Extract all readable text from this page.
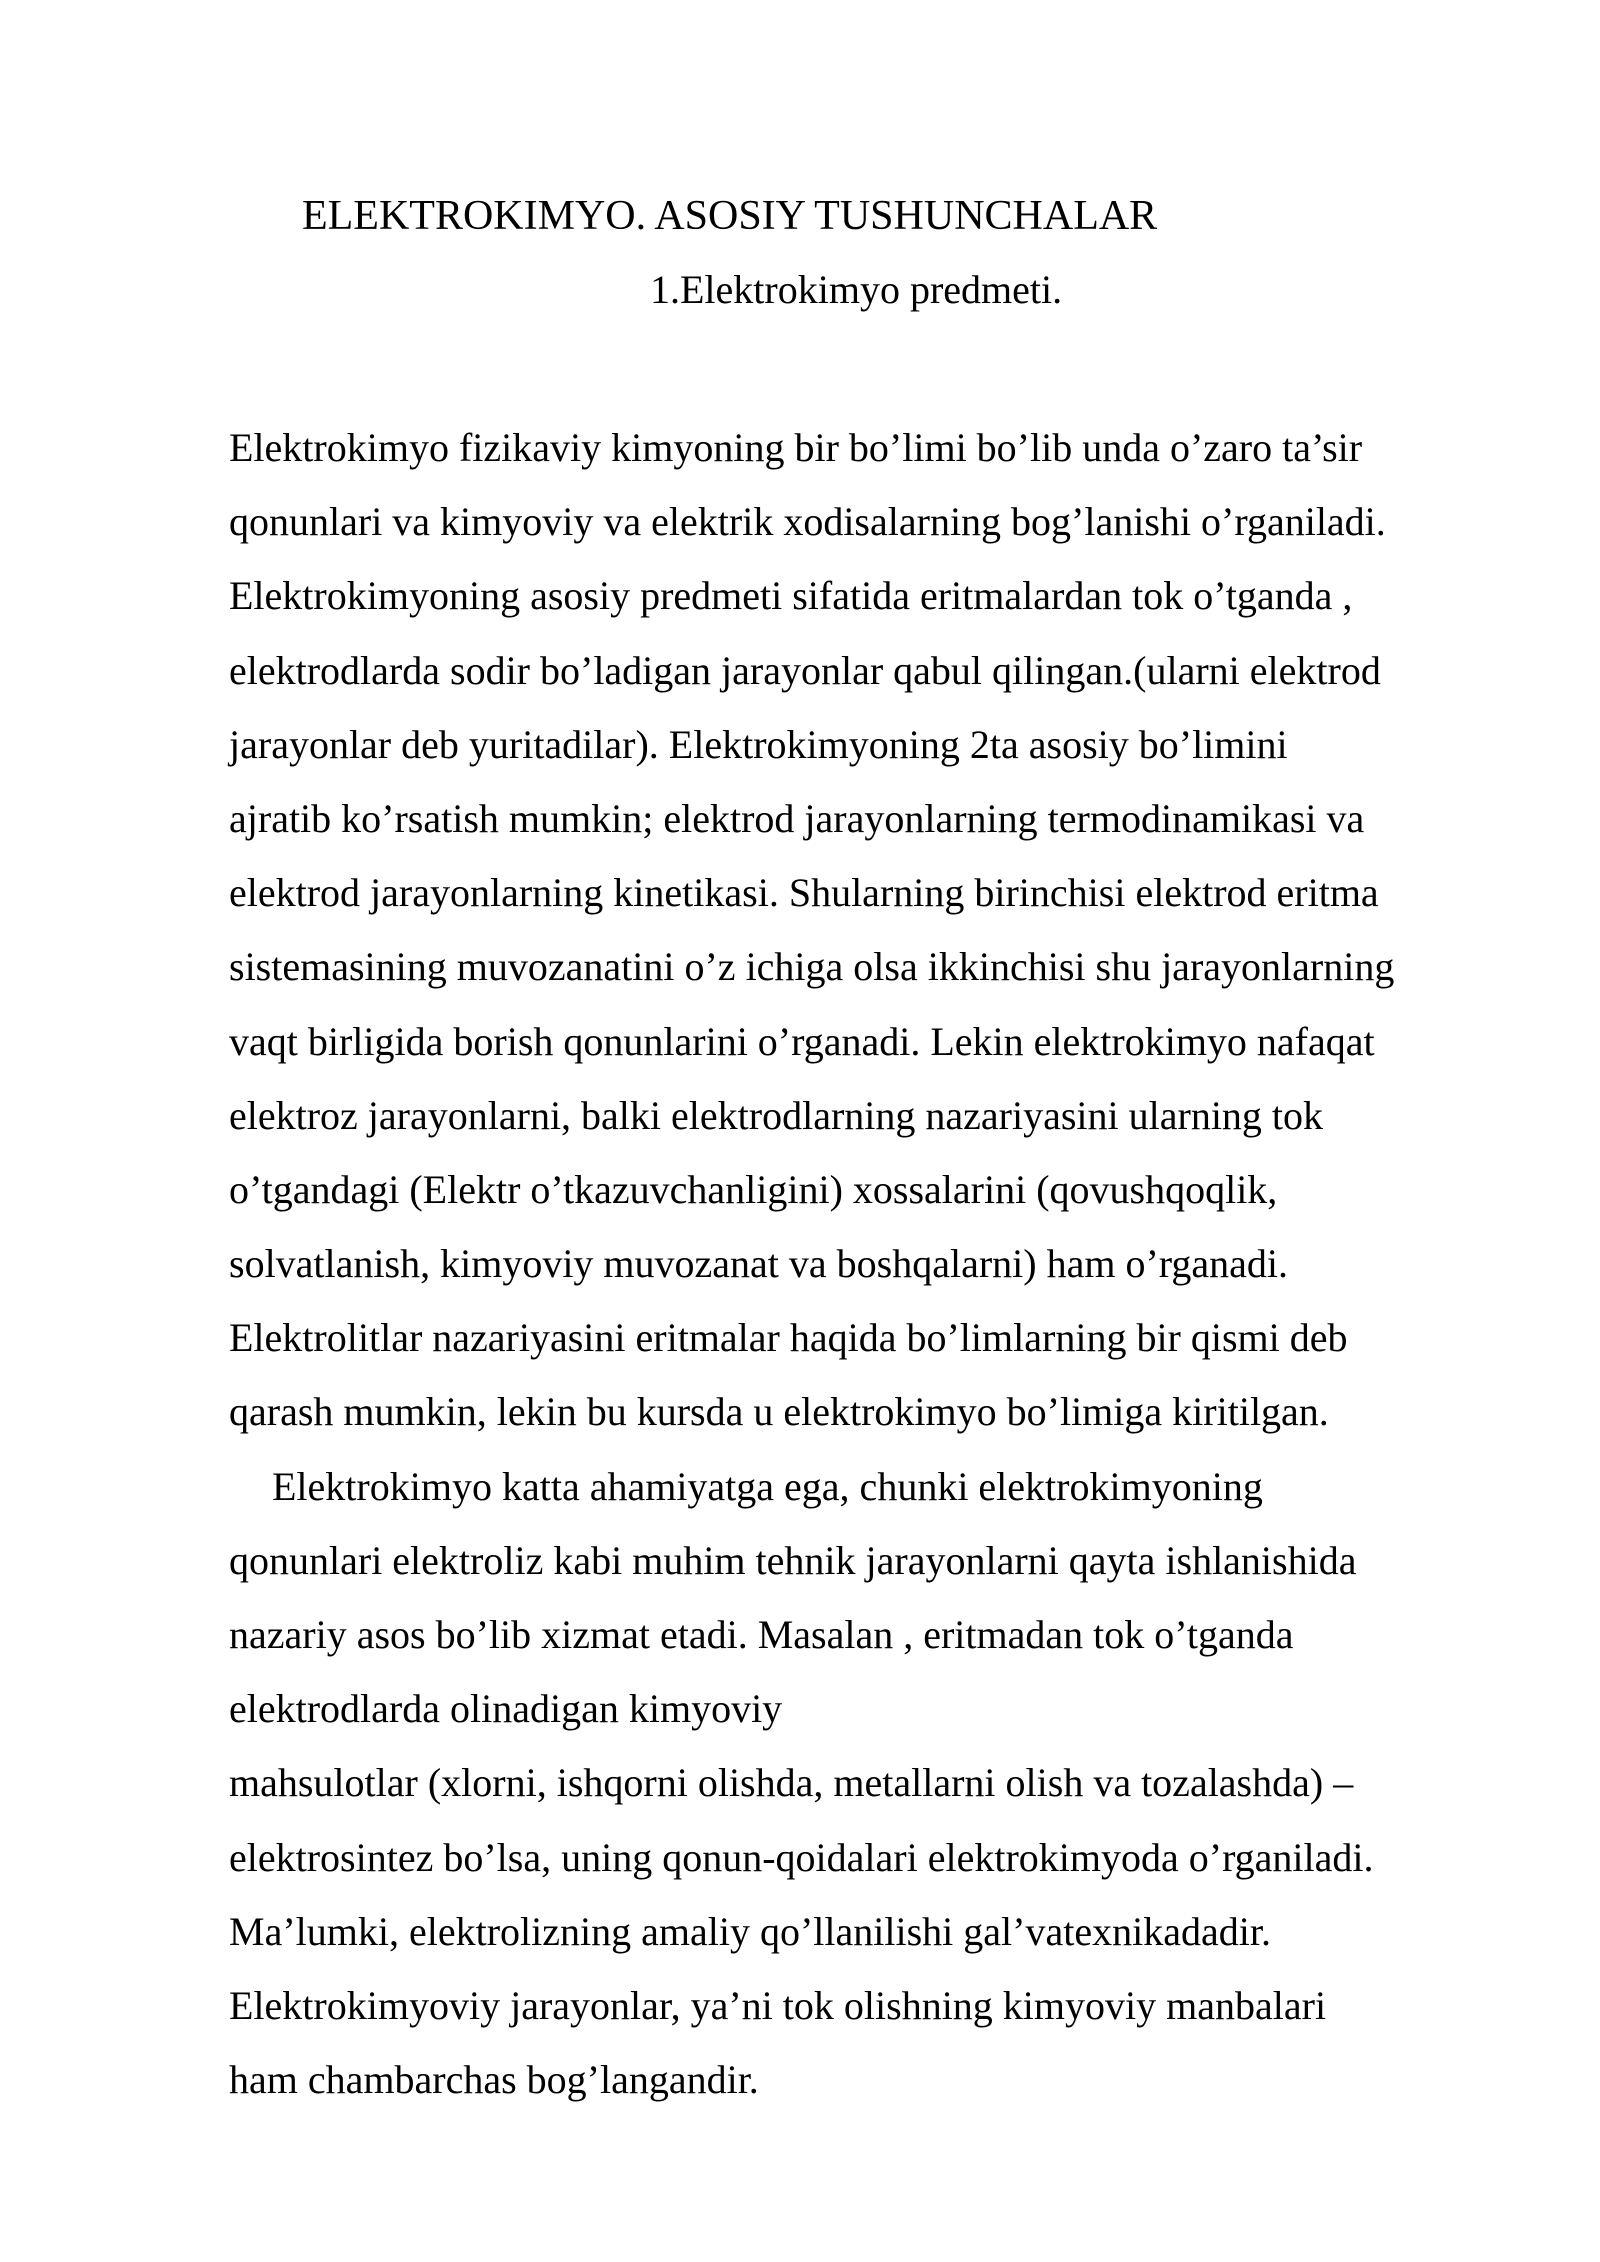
ELEKTROKIMYO. ASOSIY TUSHUNCHALAR
1.Elektrokimyo predmeti.
Elektrokimyo fizikaviy kimyoning bir bo’limi bo’lib unda o’zaro ta’sir
qonunlari va kimyoviy va elektrik xodisalarning bog’lanishi o’rganiladi.
Elektrokimyoning asosiy predmeti sifatida eritmalardan tok o’tganda ,
elektrodlarda sodir bo’ladigan jarayonlar qabul qilingan.(ularni elektrod
jarayonlar deb yuritadilar). Elektrokimyoning 2ta asosiy bo’limini
ajratib ko’rsatish mumkin; elektrod jarayonlarning termodinamikasi va
elektrod jarayonlarning kinetikasi. Shularning birinchisi elektrod eritma
sistemasining muvozanatini o’z ichiga olsa ikkinchisi shu jarayonlarning
vaqt birligida borish qonunlarini o’rganadi. Lekin elektrokimyo nafaqat
elektroz jarayonlarni, balki elektrodlarning nazariyasini ularning tok
o’tgandagi (Elektr o’tkazuvchanligini) xossalarini (qovushqoqlik,
solvatlanish, kimyoviy muvozanat va boshqalarni) ham o’rganadi.
Elektrolitlar nazariyasini eritmalar haqida bo’limlarning bir qismi deb
qarash mumkin, lekin bu kursda u elektrokimyo bo’limiga kiritilgan.
Elektrokimyo katta ahamiyatga ega, chunki elektrokimyoning
qonunlari elektroliz kabi muhim tehnik jarayonlarni qayta ishlanishida
nazariy asos bo’lib xizmat etadi. Masalan , eritmadan tok o’tganda
elektrodlarda olinadigan kimyoviy
mahsulotlar (xlorni, ishqorni olishda, metallarni olish va tozalashda) –
elektrosintez bo’lsa, uning qonun-qoidalari elektrokimyoda o’rganiladi.
Ma’lumki, elektrolizning amaliy qo’llanilishi gal’vatexnikadadir.
Elektrokimyoviy jarayonlar, ya’ni tok olishning kimyoviy manbalari
ham chambarchas bog’langandir.
